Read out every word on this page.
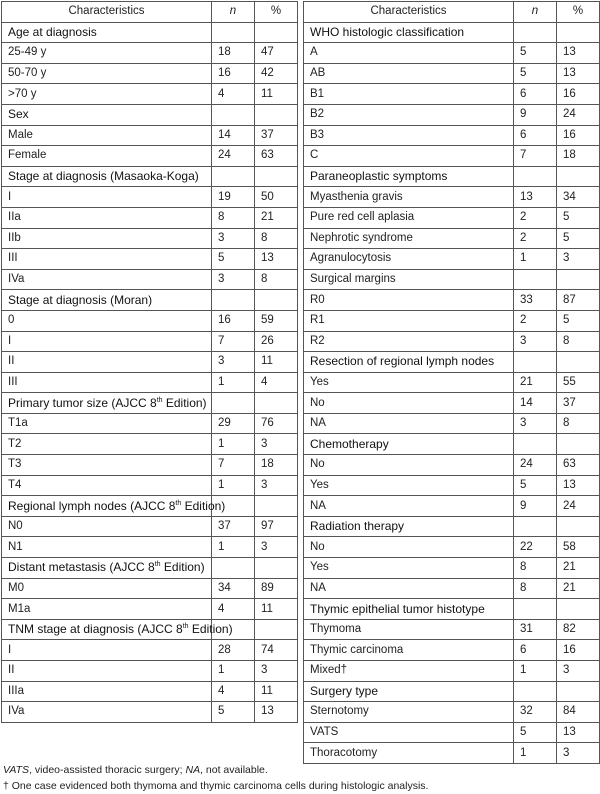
Characteristics	n	%
Age at diagnosis		
25-49 y	18	47
50-70 y	16	42
>70 y	4	11
Sex		
Male	14	37
Female	24	63
Stage at diagnosis (Masaoka-Koga)		
I	19	50
IIa	8	21
IIb	3	8
III	5	13
IVa	3	8
Stage at diagnosis (Moran)		
0	16	59
I	7	26
II	3	11
III	1	4
Primary tumor size (AJCC 8th Edition)		
T1a	29	76
T2	1	3
T3	7	18
T4	1	3
Regional lymph nodes (AJCC 8th Edition)		
N0	37	97
N1	1	3
Distant metastasis (AJCC 8th Edition)		
M0	34	89
M1a	4	11
TNM stage at diagnosis (AJCC 8th Edition)		
I	28	74
II	1	3
IIIa	4	11
IVa	5	13
Characteristics	n	%
WHO histologic classification		
A	5	13
AB	5	13
B1	6	16
B2	9	24
B3	6	16
C	7	18
Paraneoplastic symptoms		
Myasthenia gravis	13	34
Pure red cell aplasia	2	5
Nephrotic syndrome	2	5
Agranulocytosis	1	3
Surgical margins		
R0	33	87
R1	2	5
R2	3	8
Resection of regional lymph nodes		
Yes	21	55
No	14	37
NA	3	8
Chemotherapy		
No	24	63
Yes	5	13
NA	9	24
Radiation therapy		
No	22	58
Yes	8	21
NA	8	21
Thymic epithelial tumor histotype		
Thymoma	31	82
Thymic carcinoma	6	16
Mixed†	1	3
Surgery type		
Sternotomy	32	84
VATS	5	13
Thoracotomy	1	3
VATS, video-assisted thoracic surgery; NA, not available.
† One case evidenced both thymoma and thymic carcinoma cells during histologic analysis.
